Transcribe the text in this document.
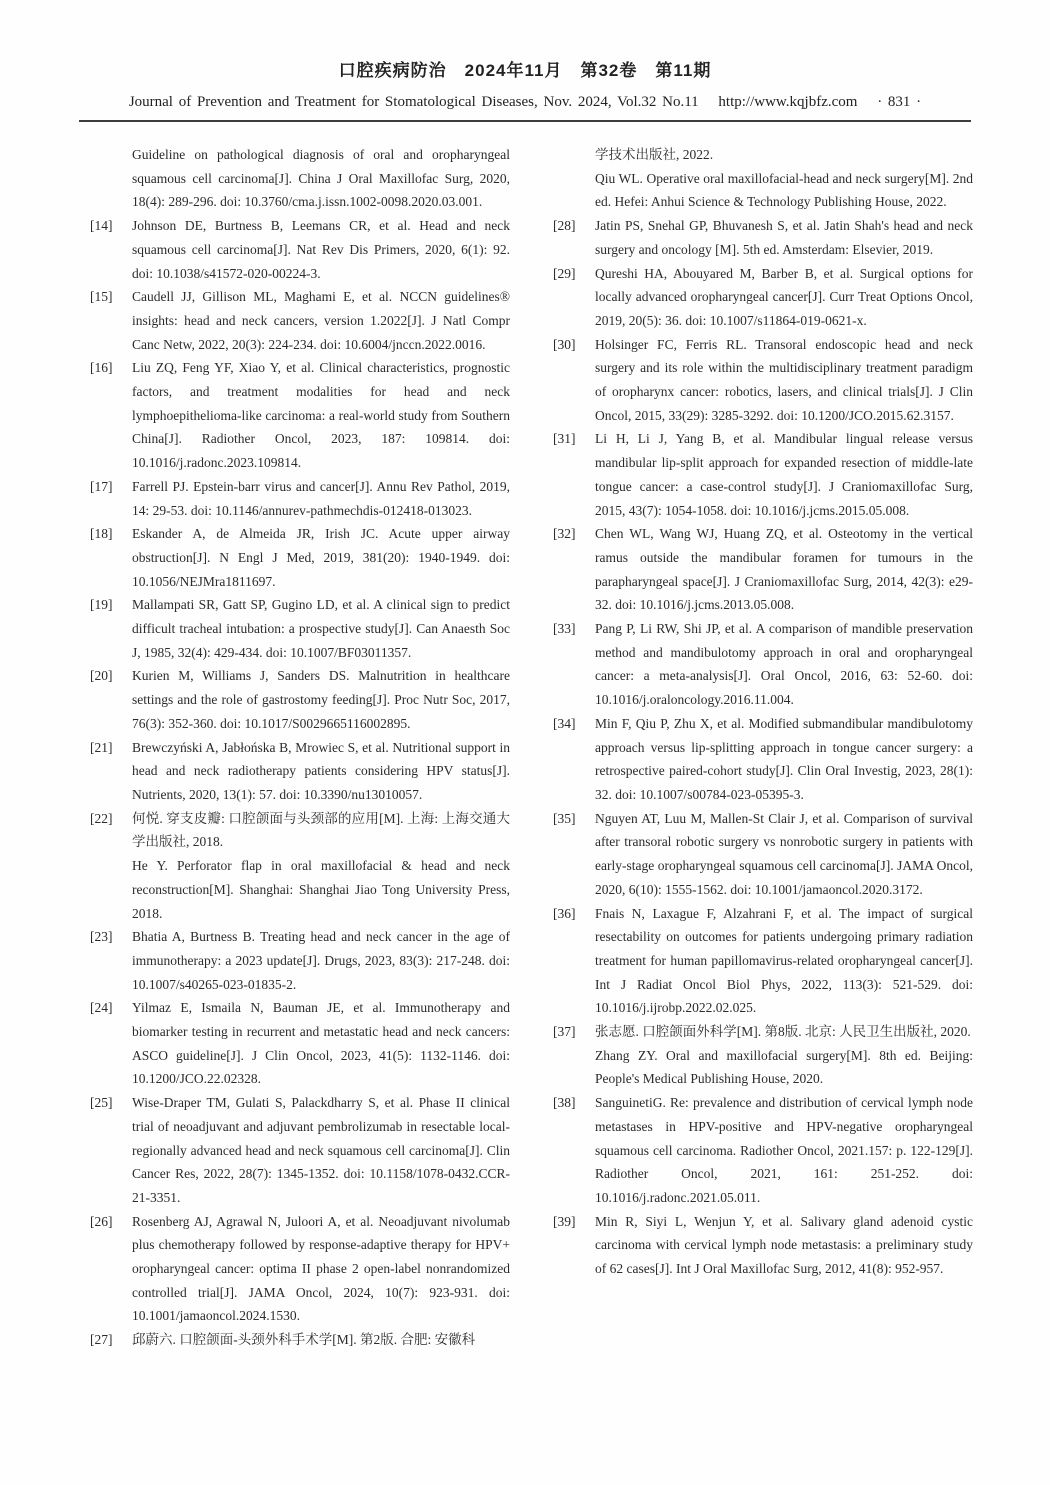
口腔疾病防治　2024年11月　第32卷　第11期
Journal of Prevention and Treatment for Stomatological Diseases, Nov. 2024, Vol.32 No.11 http://www.kqjbfz.com · 831 ·
Guideline on pathological diagnosis of oral and oropharyngeal squamous cell carcinoma[J]. China J Oral Maxillofac Surg, 2020, 18(4): 289-296. doi: 10.3760/cma.j.issn.1002-0098.2020.03.001.
[14]	Johnson DE, Burtness B, Leemans CR, et al. Head and neck squamous cell carcinoma[J]. Nat Rev Dis Primers, 2020, 6(1): 92. doi: 10.1038/s41572-020-00224-3.
[15]	Caudell JJ, Gillison ML, Maghami E, et al. NCCN guidelines® insights: head and neck cancers, version 1.2022[J]. J Natl Compr Canc Netw, 2022, 20(3): 224-234. doi: 10.6004/jnccn.2022.0016.
[16]	Liu ZQ, Feng YF, Xiao Y, et al. Clinical characteristics, prognostic factors, and treatment modalities for head and neck lymphoepithelioma-like carcinoma: a real-world study from Southern China[J]. Radiother Oncol, 2023, 187: 109814. doi: 10.1016/j.radonc.2023.109814.
[17]	Farrell PJ. Epstein-barr virus and cancer[J]. Annu Rev Pathol, 2019, 14: 29-53. doi: 10.1146/annurev-pathmechdis-012418-013023.
[18]	Eskander A, de Almeida JR, Irish JC. Acute upper airway obstruction[J]. N Engl J Med, 2019, 381(20): 1940-1949. doi: 10.1056/NEJMra1811697.
[19]	Mallampati SR, Gatt SP, Gugino LD, et al. A clinical sign to predict difficult tracheal intubation: a prospective study[J]. Can Anaesth Soc J, 1985, 32(4): 429-434. doi: 10.1007/BF03011357.
[20]	Kurien M, Williams J, Sanders DS. Malnutrition in healthcare settings and the role of gastrostomy feeding[J]. Proc Nutr Soc, 2017, 76(3): 352-360. doi: 10.1017/S0029665116002895.
[21]	Brewczyński A, Jabłońska B, Mrowiec S, et al. Nutritional support in head and neck radiotherapy patients considering HPV status[J]. Nutrients, 2020, 13(1): 57. doi: 10.3390/nu13010057.
[22]	何悦. 穿支皮瓣: 口腔颌面与头颈部的应用[M]. 上海: 上海交通大学出版社, 2018.
He Y. Perforator flap in oral maxillofacial & head and neck reconstruction[M]. Shanghai: Shanghai Jiao Tong University Press, 2018.
[23]	Bhatia A, Burtness B. Treating head and neck cancer in the age of immunotherapy: a 2023 update[J]. Drugs, 2023, 83(3): 217-248. doi: 10.1007/s40265-023-01835-2.
[24]	Yilmaz E, Ismaila N, Bauman JE, et al. Immunotherapy and biomarker testing in recurrent and metastatic head and neck cancers: ASCO guideline[J]. J Clin Oncol, 2023, 41(5): 1132-1146. doi: 10.1200/JCO.22.02328.
[25]	Wise-Draper TM, Gulati S, Palackdharry S, et al. Phase II clinical trial of neoadjuvant and adjuvant pembrolizumab in resectable local-regionally advanced head and neck squamous cell carcinoma[J]. Clin Cancer Res, 2022, 28(7): 1345-1352. doi: 10.1158/1078-0432.CCR-21-3351.
[26]	Rosenberg AJ, Agrawal N, Juloori A, et al. Neoadjuvant nivolumab plus chemotherapy followed by response-adaptive therapy for HPV+ oropharyngeal cancer: optima II phase 2 open-label nonrandomized controlled trial[J]. JAMA Oncol, 2024, 10(7): 923-931. doi: 10.1001/jamaoncol.2024.1530.
[27]	邱蔚六. 口腔颌面-头颈外科手术学[M]. 第2版. 合肥: 安徽科
学技术出版社, 2022.
Qiu WL. Operative oral maxillofacial-head and neck surgery[M]. 2nd ed. Hefei: Anhui Science & Technology Publishing House, 2022.
[28]	Jatin PS, Snehal GP, Bhuvanesh S, et al. Jatin Shah's head and neck surgery and oncology [M]. 5th ed. Amsterdam: Elsevier, 2019.
[29]	Qureshi HA, Abouyared M, Barber B, et al. Surgical options for locally advanced oropharyngeal cancer[J]. Curr Treat Options Oncol, 2019, 20(5): 36. doi: 10.1007/s11864-019-0621-x.
[30]	Holsinger FC, Ferris RL. Transoral endoscopic head and neck surgery and its role within the multidisciplinary treatment paradigm of oropharynx cancer: robotics, lasers, and clinical trials[J]. J Clin Oncol, 2015, 33(29): 3285-3292. doi: 10.1200/JCO.2015.62.3157.
[31]	Li H, Li J, Yang B, et al. Mandibular lingual release versus mandibular lip-split approach for expanded resection of middle-late tongue cancer: a case-control study[J]. J Craniomaxillofac Surg, 2015, 43(7): 1054-1058. doi: 10.1016/j.jcms.2015.05.008.
[32]	Chen WL, Wang WJ, Huang ZQ, et al. Osteotomy in the vertical ramus outside the mandibular foramen for tumours in the parapharyngeal space[J]. J Craniomaxillofac Surg, 2014, 42(3): e29-32. doi: 10.1016/j.jcms.2013.05.008.
[33]	Pang P, Li RW, Shi JP, et al. A comparison of mandible preservation method and mandibulotomy approach in oral and oropharyngeal cancer: a meta-analysis[J]. Oral Oncol, 2016, 63: 52-60. doi: 10.1016/j.oraloncology.2016.11.004.
[34]	Min F, Qiu P, Zhu X, et al. Modified submandibular mandibulotomy approach versus lip-splitting approach in tongue cancer surgery: a retrospective paired-cohort study[J]. Clin Oral Investig, 2023, 28(1): 32. doi: 10.1007/s00784-023-05395-3.
[35]	Nguyen AT, Luu M, Mallen-St Clair J, et al. Comparison of survival after transoral robotic surgery vs nonrobotic surgery in patients with early-stage oropharyngeal squamous cell carcinoma[J]. JAMA Oncol, 2020, 6(10): 1555-1562. doi: 10.1001/jamaoncol.2020.3172.
[36]	Fnais N, Laxague F, Alzahrani F, et al. The impact of surgical resectability on outcomes for patients undergoing primary radiation treatment for human papillomavirus-related oropharyngeal cancer[J]. Int J Radiat Oncol Biol Phys, 2022, 113(3): 521-529. doi: 10.1016/j.ijrobp.2022.02.025.
[37]	张志愿. 口腔颌面外科学[M]. 第8版. 北京: 人民卫生出版社, 2020.
Zhang ZY. Oral and maxillofacial surgery[M]. 8th ed. Beijing: People's Medical Publishing House, 2020.
[38]	SanguinetiG. Re: prevalence and distribution of cervical lymph node metastases in HPV-positive and HPV-negative oropharyngeal squamous cell carcinoma. Radiother Oncol, 2021.157: p. 122-129[J]. Radiother Oncol, 2021, 161: 251-252. doi: 10.1016/j.radonc.2021.05.011.
[39]	Min R, Siyi L, Wenjun Y, et al. Salivary gland adenoid cystic carcinoma with cervical lymph node metastasis: a preliminary study of 62 cases[J]. Int J Oral Maxillofac Surg, 2012, 41(8): 952-957.
